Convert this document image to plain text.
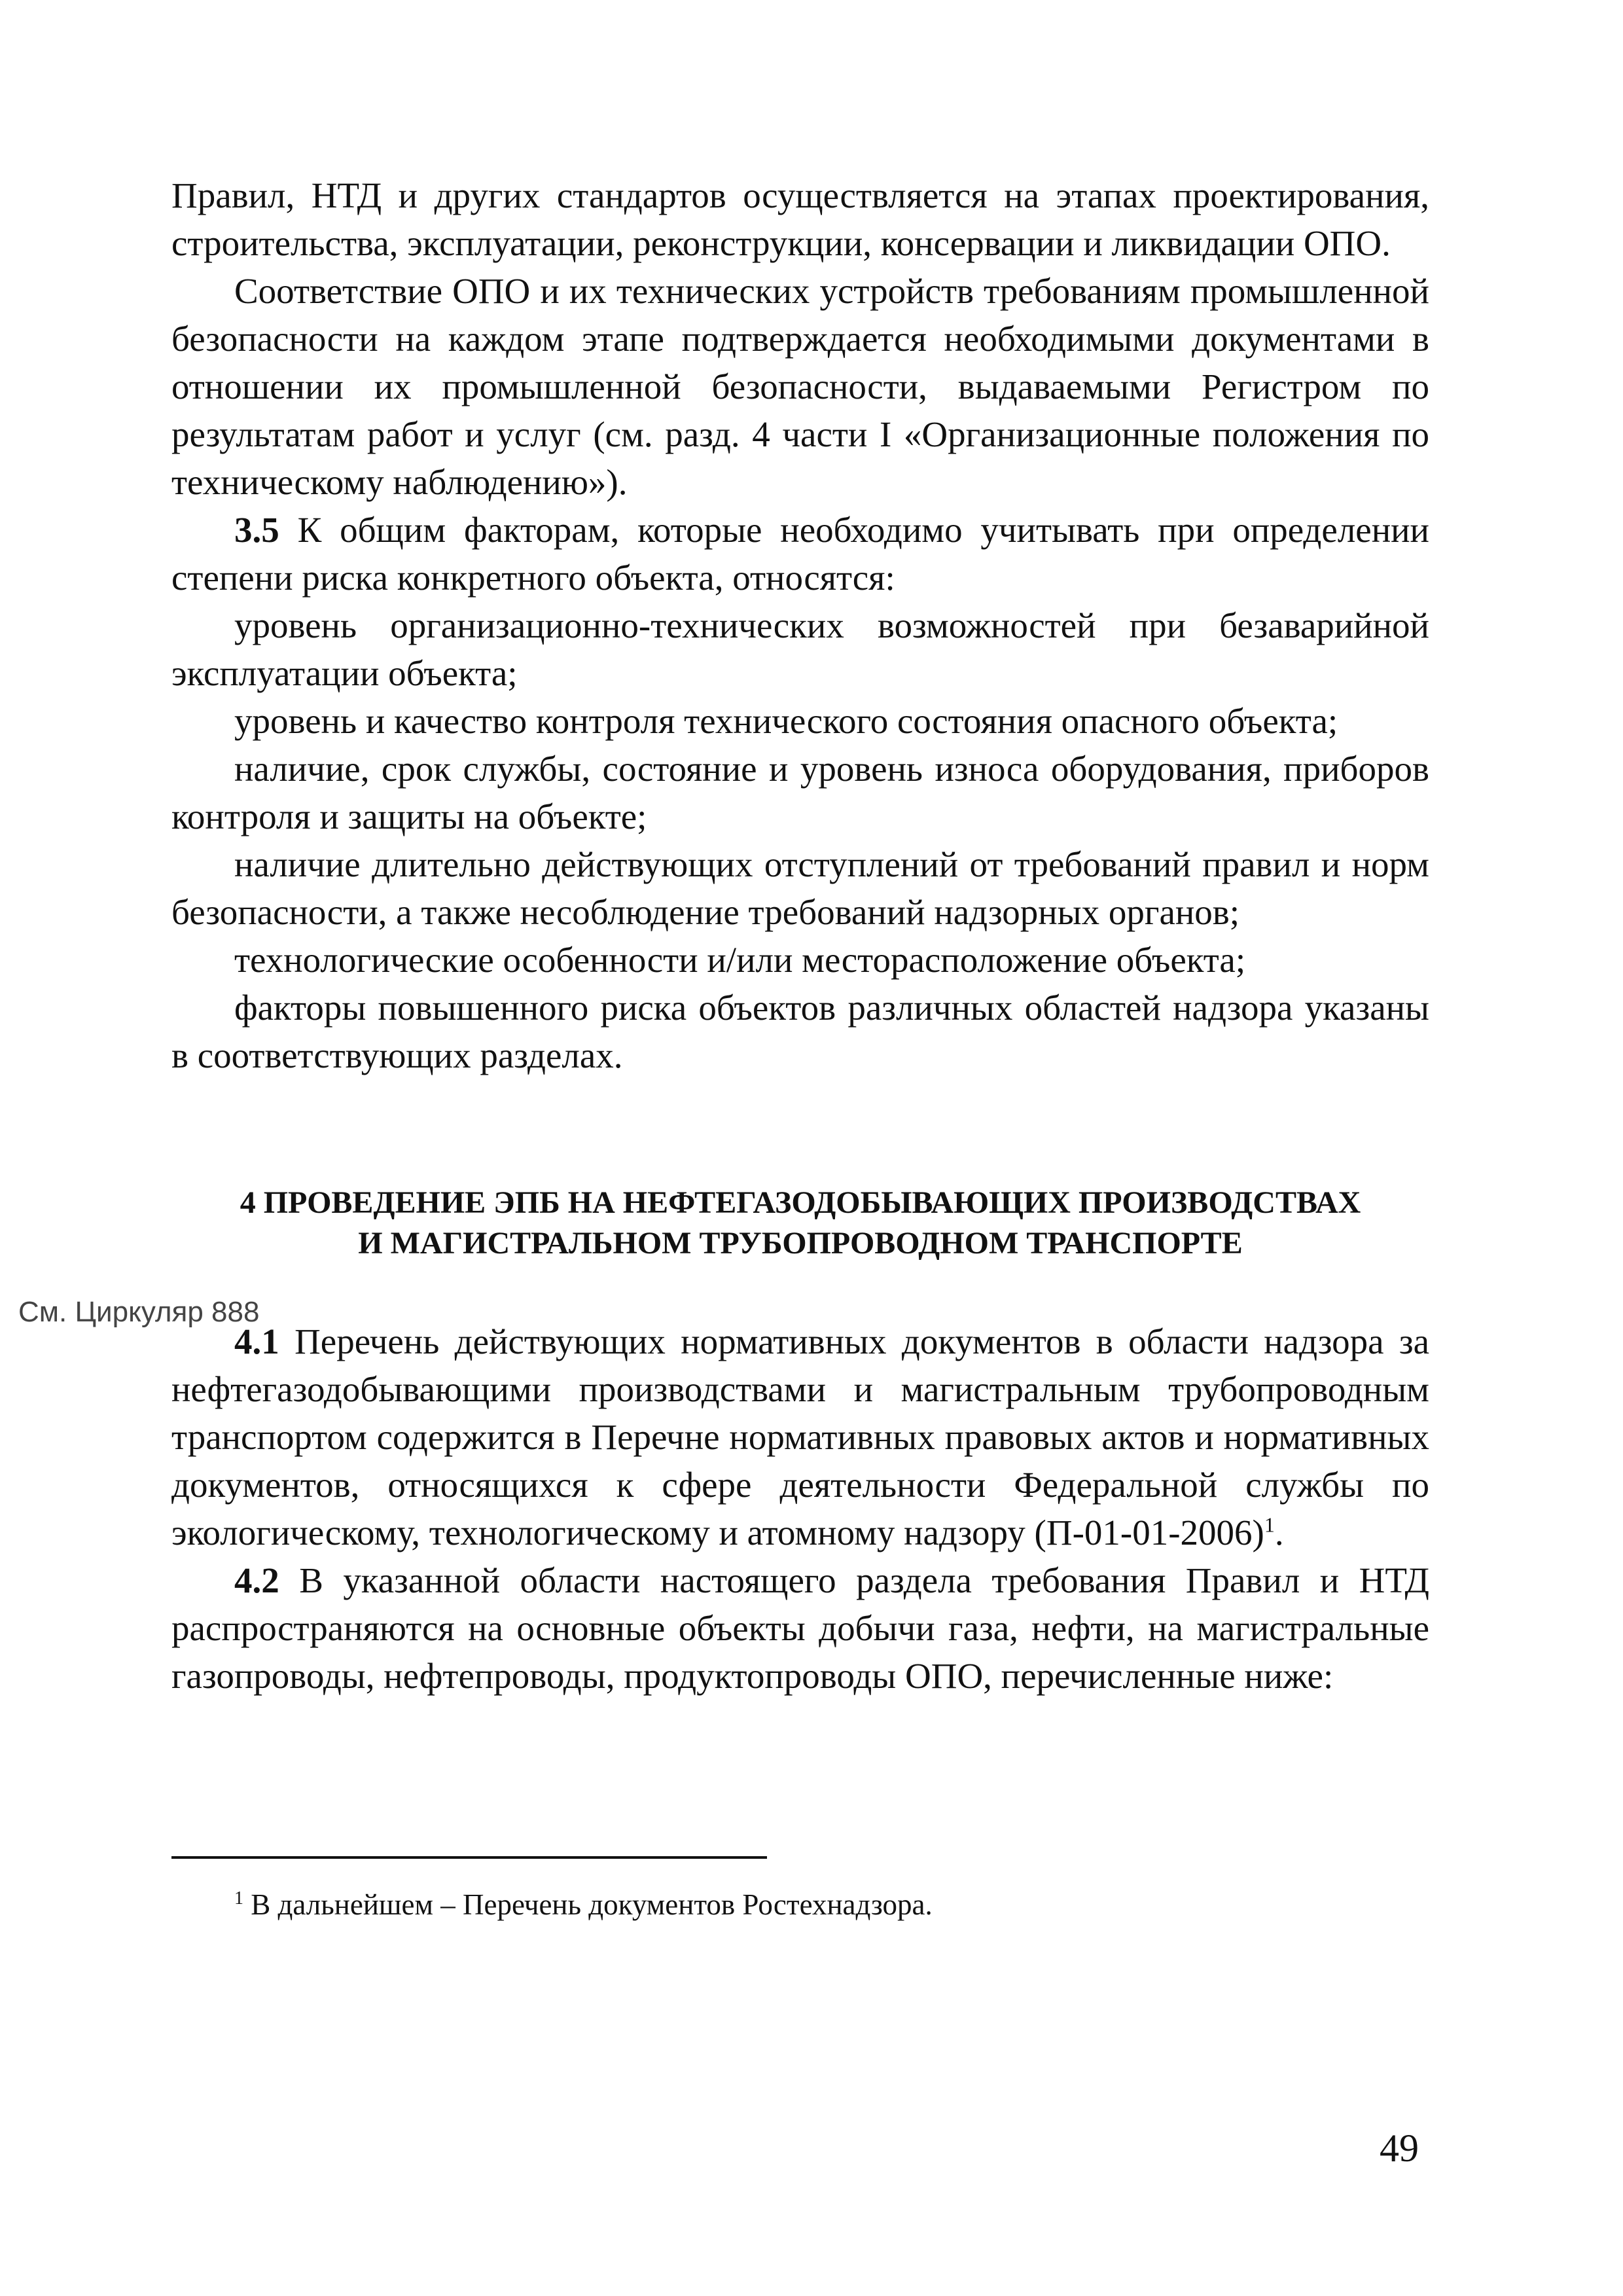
Правил, НТД и других стандартов осуществляется на этапах проектирования, строительства, эксплуатации, реконструкции, консервации и ликвидации ОПО.

Соответствие ОПО и их технических устройств требованиям промышленной безопасности на каждом этапе подтверждается необходимыми документами в отношении их промышленной безопасности, выдаваемыми Регистром по результатам работ и услуг (см. разд. 4 части I «Организационные положения по техническому наблюдению»).

3.5 К общим факторам, которые необходимо учитывать при определении степени риска конкретного объекта, относятся:

уровень организационно-технических возможностей при безаварийной эксплуатации объекта;

уровень и качество контроля технического состояния опасного объекта;

наличие, срок службы, состояние и уровень износа оборудования, приборов контроля и защиты на объекте;

наличие длительно действующих отступлений от требований правил и норм безопасности, а также несоблюдение требований надзорных органов;

технологические особенности и/или месторасположение объекта;

факторы повышенного риска объектов различных областей надзора указаны в соответствующих разделах.

4 ПРОВЕДЕНИЕ ЭПБ НА НЕФТЕГАЗОДОБЫВАЮЩИХ ПРОИЗВОДСТВАХ

И МАГИСТРАЛЬНОМ ТРУБОПРОВОДНОМ ТРАНСПОРТЕ

4.1 Перечень действующих нормативных документов в области надзора за нефтегазодобывающими производствами и магистральным трубопроводным транспортом содержится в Перечне нормативных правовых актов и нормативных документов, относящихся к сфере деятельности Федеральной службы по экологическому, технологическому и атомному надзору $(П-01-01-2006)^1$.

4.2 В указанной области настоящего раздела требования Правил и НТД распространяются на основные объекты добычи газа, нефти, на магистральные газопроводы, нефтепроводы, продуктопроводы ОПО, перечисленные ниже:

См. Циркуляр 888
$^1$ В дальнейшем – Перечень документов Ростехнадзора.
49
